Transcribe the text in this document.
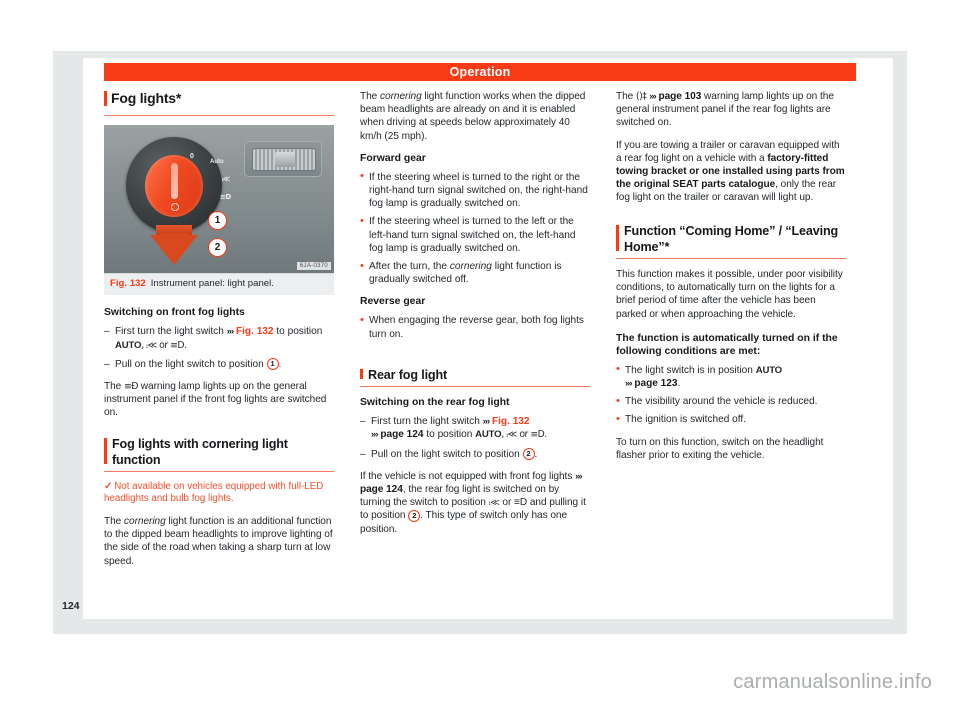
Operation
Fog lights*
0
Auto
⨾≪
≡D
1
2
6JA-0370
Fig. 132 Instrument panel: light panel.
Switching on front fog lights
– First turn the light switch ››› Fig. 132 to position AUTO, ⨾≪ or ≡D.
– Pull on the light switch to position 1 .

The ≡Đ warning lamp lights up on the general instrument panel if the front fog lights are switched on.

Fog lights with cornering light function

✓ Not available on vehicles equipped with full-LED headlights and bulb fog lights.

The cornering light function is an additional function to the dipped beam headlights to improve lighting of the side of the road when taking a sharp turn at low speed.

The cornering light function works when the dipped beam headlights are already on and it is enabled when driving at speeds below approximately 40 km/h (25 mph).

Forward gear
• If the steering wheel is turned to the right or the right-hand turn signal switched on, the right-hand fog lamp is gradually switched on.
• If the steering wheel is turned to the left or the left-hand turn signal switched on, the left-hand fog lamp is gradually switched on.
• After the turn, the cornering light function is gradually switched off.
Reverse gear
• When engaging the reverse gear, both fog lights turn on.
Rear fog light
Switching on the rear fog light
– First turn the light switch ››› Fig. 132
››› page 124 to position AUTO, ⨾≪ or ≡D.
– Pull on the light switch to position 2 .

If the vehicle is not equipped with front fog lights ››› page 124, the rear fog light is switched on by turning the switch to position ⨾≪ or ≡D and pulling it to position 2 . This type of switch only has one position.

The ()‡ ››› page 103 warning lamp lights up on the general instrument panel if the rear fog lights are switched on.

If you are towing a trailer or caravan equipped with a rear fog light on a vehicle with a factory-fitted towing bracket or one installed using parts from the original SEAT parts catalogue, only the rear fog light on the trailer or caravan will light up.

Function “Coming Home” / “Leaving Home”*

This function makes it possible, under poor visibility conditions, to automatically turn on the lights for a brief period of time after the vehicle has been parked or when approaching the vehicle.

The function is automatically turned on if the following conditions are met:
• The light switch is in position AUTO
››› page 123.
• The visibility around the vehicle is reduced.
• The ignition is switched off.

To turn on this function, switch on the headlight flasher prior to exiting the vehicle.

124
carmanualsonline.info
